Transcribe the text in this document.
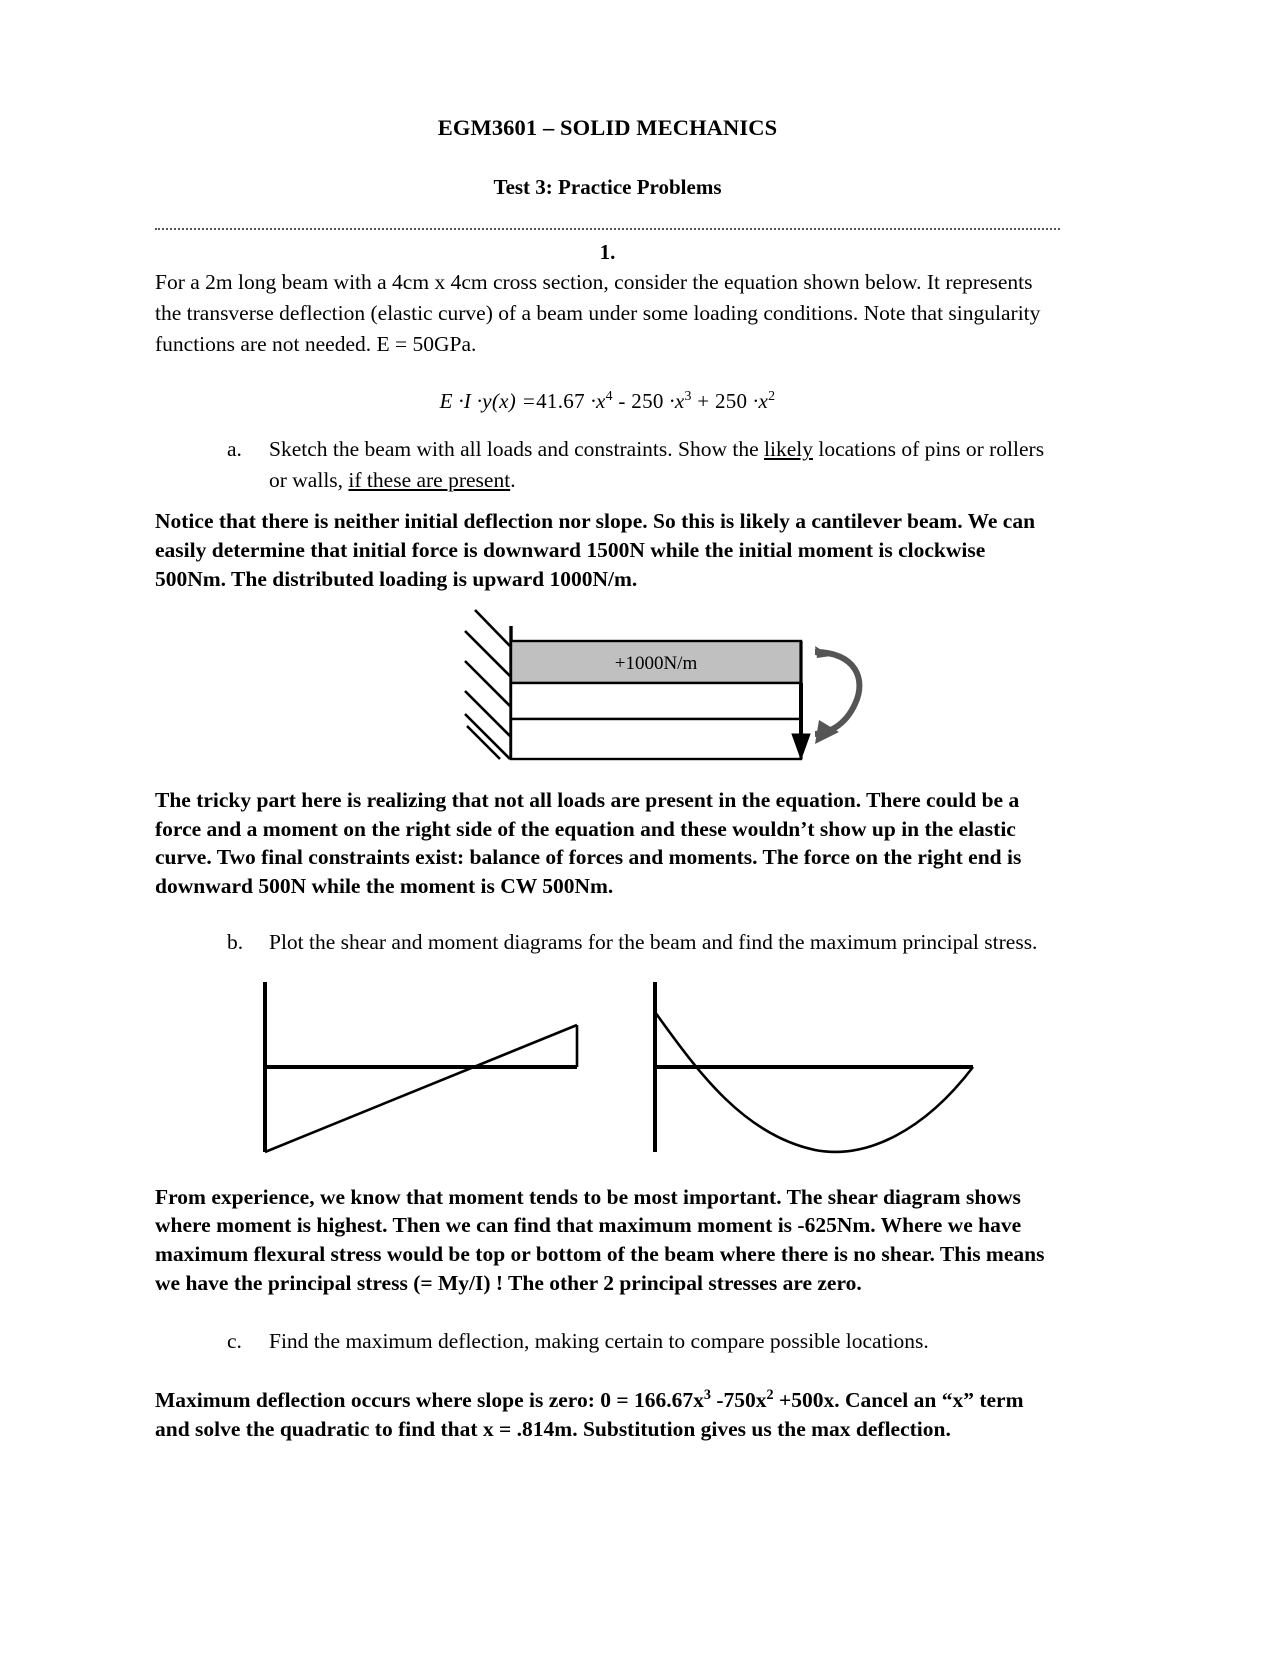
EGM3601 – SOLID MECHANICS
Test 3: Practice Problems
1.
For a 2m long beam with a 4cm x 4cm cross section, consider the equation shown below. It represents the transverse deflection (elastic curve) of a beam under some loading conditions. Note that singularity functions are not needed. E = 50GPa.
$E \cdot I \cdot y(x) =41.67 \cdot x^4 - 250 \cdot x^3 + 250 \cdot x^2$
a.	Sketch the beam with all loads and constraints. Show the likely locations of pins or rollers or walls, if these are present.
Notice that there is neither initial deflection nor slope. So this is likely a cantilever beam. We can easily determine that initial force is downward 1500N while the initial moment is clockwise 500Nm. The distributed loading is upward 1000N/m.
+1000N/m
The tricky part here is realizing that not all loads are present in the equation. There could be a force and a moment on the right side of the equation and these wouldn’t show up in the elastic curve. Two final constraints exist: balance of forces and moments. The force on the right end is downward 500N while the moment is CW 500Nm.
b.	Plot the shear and moment diagrams for the beam and find the maximum principal stress.
From experience, we know that moment tends to be most important. The shear diagram shows where moment is highest. Then we can find that maximum moment is -625Nm. Where we have maximum flexural stress would be top or bottom of the beam where there is no shear. This means we have the principal stress (= My/I) ! The other 2 principal stresses are zero.
c.	Find the maximum deflection, making certain to compare possible locations.
Maximum deflection occurs where slope is zero: $0 = 166.67x^3$ $-750x^2 +500x$. Cancel an “x” term and solve the quadratic to find that x = .814m. Substitution gives us the max deflection.
